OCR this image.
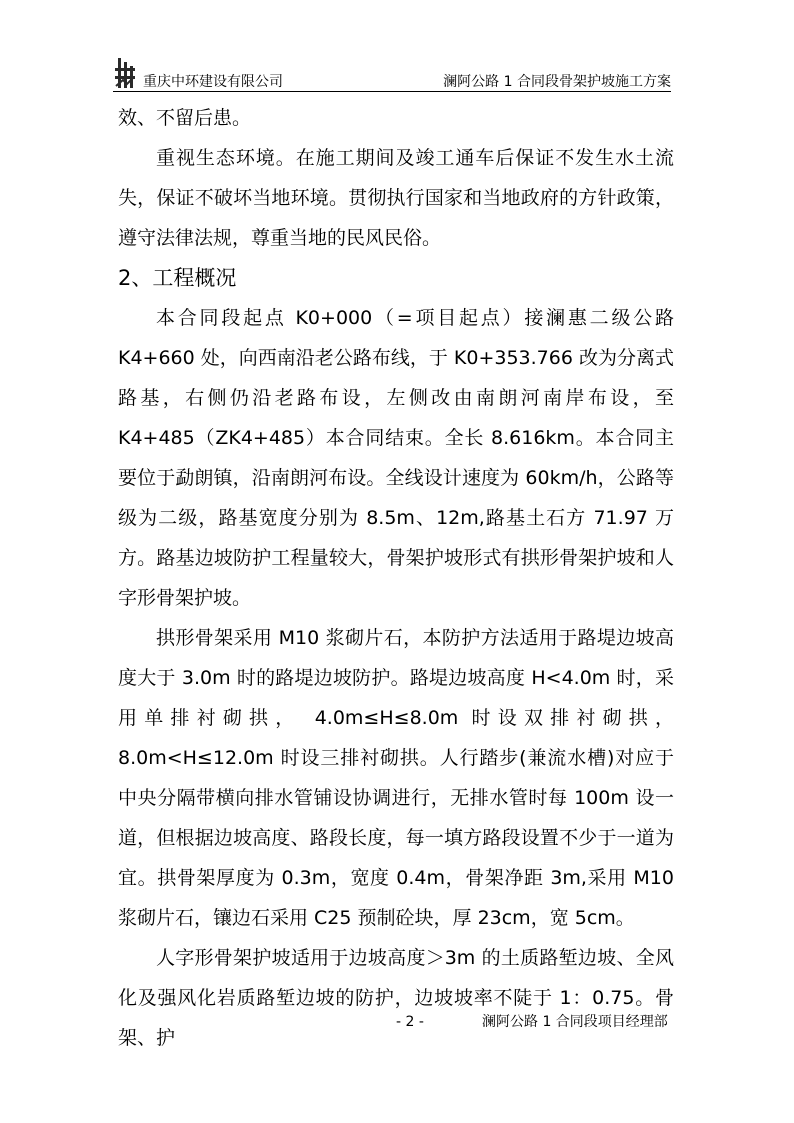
重庆中环建设有限公司	澜阿公路 1 合同段骨架护坡施工方案

效、不留后患。

重视生态环境。在施工期间及竣工通车后保证不发生水土流失，保证不破坏当地环境。贯彻执行国家和当地政府的方针政策，遵守法律法规，尊重当地的民风民俗。

2、工程概况

本合同段起点 K0+000（=项目起点）接澜惠二级公路 K4+660 处，向西南沿老公路布线，于 K0+353.766 改为分离式路基，右侧仍沿老路布设，左侧改由南朗河南岸布设，至 K4+485（ZK4+485）本合同结束。全长 8.616km。本合同主要位于勐朗镇，沿南朗河布设。全线设计速度为 60km/h，公路等级为二级，路基宽度分别为 8.5m、12m,路基土石方 71.97 万方。路基边坡防护工程量较大，骨架护坡形式有拱形骨架护坡和人字形骨架护坡。

拱形骨架采用 M10 浆砌片石，本防护方法适用于路堤边坡高度大于 3.0m 时的路堤边坡防护。路堤边坡高度 H<4.0m 时，采用单排衬砌拱， 4.0m≤H≤8.0m 时设双排衬砌拱， 8.0m<H≤12.0m 时设三排衬砌拱。人行踏步(兼流水槽)对应于中央分隔带横向排水管铺设协调进行，无排水管时每 100m 设一道，但根据边坡高度、路段长度，每一填方路段设置不少于一道为宜。拱骨架厚度为 0.3m，宽度 0.4m，骨架净距 3m,采用 M10 浆砌片石，镶边石采用 C25 预制砼块，厚 23cm，宽 5cm。

人字形骨架护坡适用于边坡高度＞3m 的土质路堑边坡、全风化及强风化岩质路堑边坡的防护，边坡坡率不陡于 1：0.75。骨架、护

- 2 -	澜阿公路 1 合同段项目经理部
